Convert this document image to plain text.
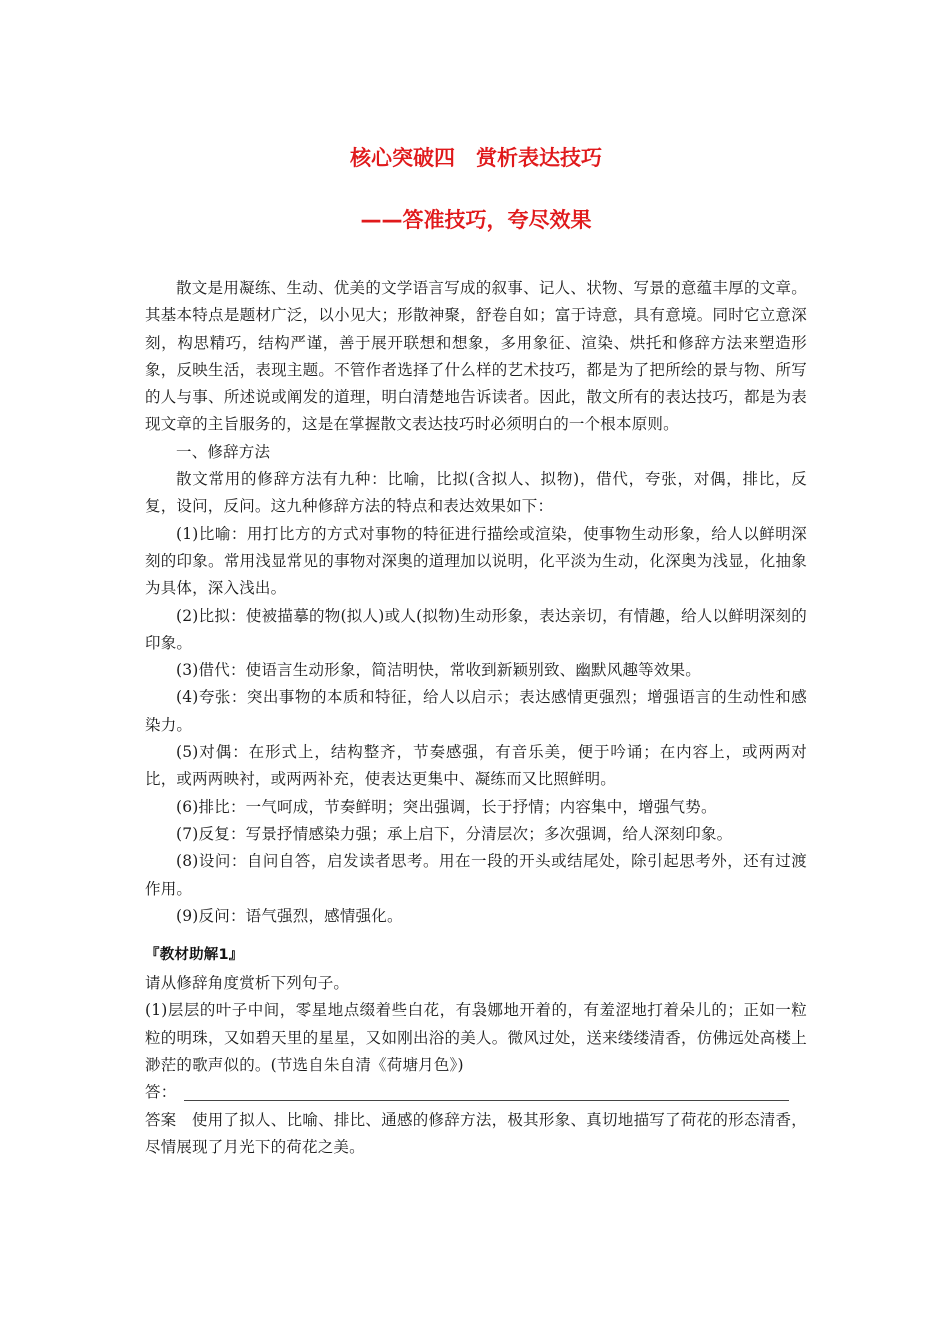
核心突破四　赏析表达技巧
——答准技巧，夸尽效果

散文是用凝练、生动、优美的文学语言写成的叙事、记人、状物、写景的意蕴丰厚的文章。其基本特点是题材广泛，以小见大；形散神聚，舒卷自如；富于诗意，具有意境。同时它立意深刻，构思精巧，结构严谨，善于展开联想和想象，多用象征、渲染、烘托和修辞方法来塑造形象，反映生活，表现主题。不管作者选择了什么样的艺术技巧，都是为了把所绘的景与物、所写的人与事、所述说或阐发的道理，明白清楚地告诉读者。因此，散文所有的表达技巧，都是为表现文章的主旨服务的，这是在掌握散文表达技巧时必须明白的一个根本原则。

一、修辞方法

散文常用的修辞方法有九种：比喻，比拟(含拟人、拟物)，借代，夸张，对偶，排比，反复，设问，反问。这九种修辞方法的特点和表达效果如下：

(1)比喻：用打比方的方式对事物的特征进行描绘或渲染，使事物生动形象，给人以鲜明深刻的印象。常用浅显常见的事物对深奥的道理加以说明，化平淡为生动，化深奥为浅显，化抽象为具体，深入浅出。

(2)比拟：使被描摹的物(拟人)或人(拟物)生动形象，表达亲切，有情趣，给人以鲜明深刻的印象。

(3)借代：使语言生动形象，简洁明快，常收到新颖别致、幽默风趣等效果。

(4)夸张：突出事物的本质和特征，给人以启示；表达感情更强烈；增强语言的生动性和感染力。

(5)对偶：在形式上，结构整齐，节奏感强，有音乐美，便于吟诵；在内容上，或两两对比，或两两映衬，或两两补充，使表达更集中、凝练而又比照鲜明。

(6)排比：一气呵成，节奏鲜明；突出强调，长于抒情；内容集中，增强气势。

(7)反复：写景抒情感染力强；承上启下，分清层次；多次强调，给人深刻印象。

(8)设问：自问自答，启发读者思考。用在一段的开头或结尾处，除引起思考外，还有过渡作用。

(9)反问：语气强烈，感情强化。

『教材助解1』

请从修辞角度赏析下列句子。

(1)层层的叶子中间，零星地点缀着些白花，有袅娜地开着的，有羞涩地打着朵儿的；正如一粒粒的明珠，又如碧天里的星星，又如刚出浴的美人。微风过处，送来缕缕清香，仿佛远处高楼上渺茫的歌声似的。(节选自朱自清《荷塘月色》)

答：

答案　 使用了拟人、比喻、排比、通感的修辞方法，极其形象、真切地描写了荷花的形态清香，尽情展现了月光下的荷花之美。
